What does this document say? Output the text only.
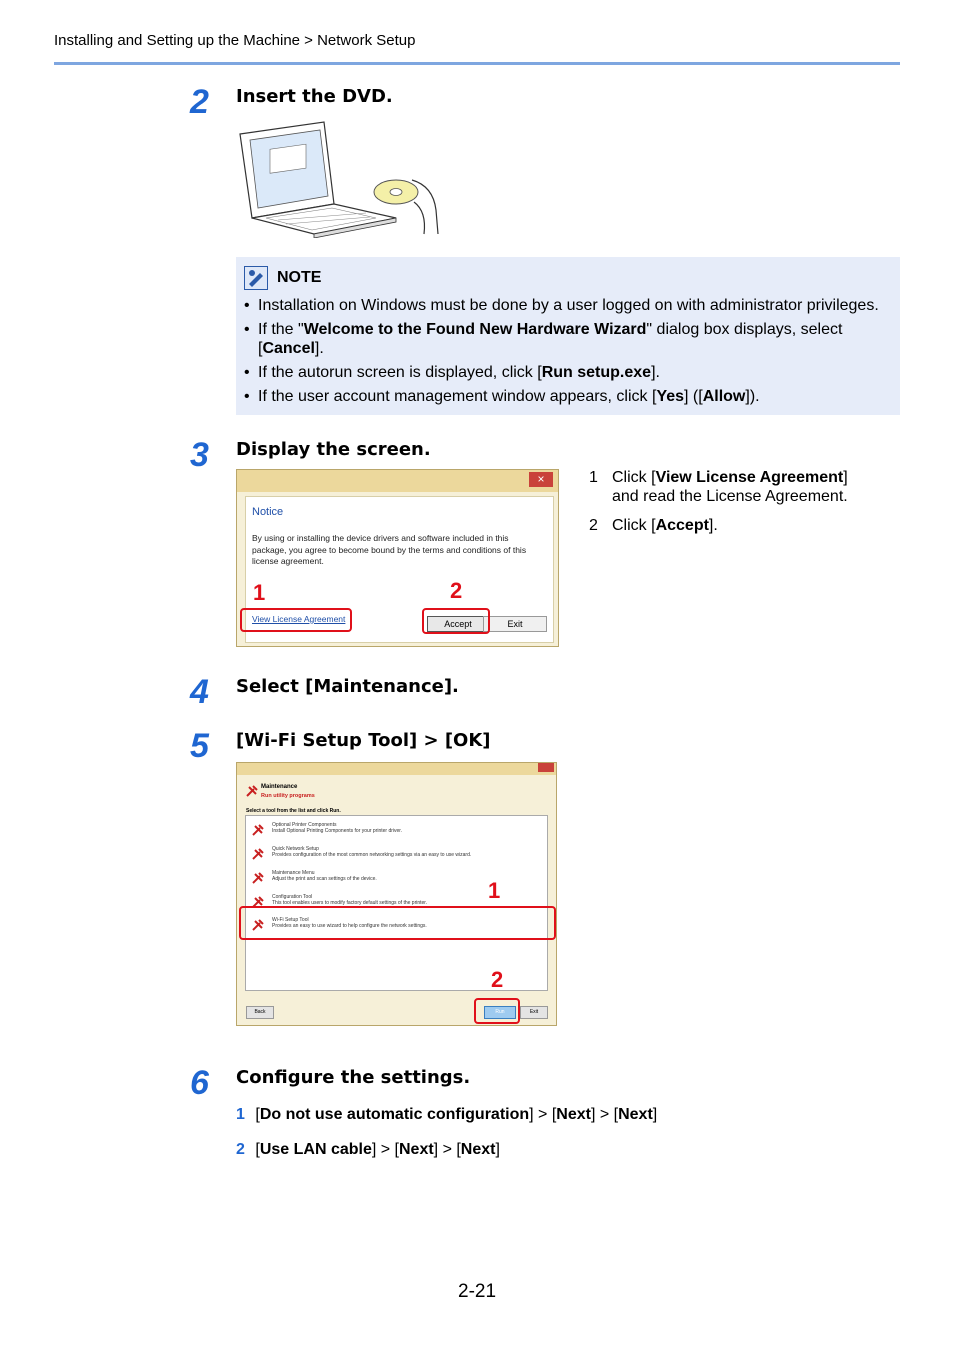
Installing and Setting up the Machine > Network Setup
2 Insert the DVD.
NOTE
• Installation on Windows must be done by a user logged on with administrator privileges.
• If the "Welcome to the Found New Hardware Wizard" dialog box displays, select
[Cancel].
• If the autorun screen is displayed, click [Run setup.exe].
• If the user account management window appears, click [Yes] ([Allow]).
3 Display the screen.
×
Notice
By using or installing the device drivers and software included in this package, you agree to become bound by the terms and conditions of this license agreement.
View License Agreement	Accept	Exit
1	2
1 Click [View License Agreement]
and read the License Agreement.
2 Click [Accept].
4 Select [Maintenance].
5 [Wi-Fi Setup Tool] > [OK]
Maintenance
Run utility programs
Select a tool from the list and click Run.
Optional Printer Components
Install Optional Printing Components for your printer driver.
Quick Network Setup
Provides configuration of the most common networking settings via an easy to use wizard.
Maintenance Menu
Adjust the print and scan settings of the device.
Configuration Tool
This tool enables users to modify factory default settings of the printer.
Wi-Fi Setup Tool
Provides an easy to use wizard to help configure the network settings.
Back	Run	Exit
1
2
6 Configure the settings.
1 [Do not use automatic configuration] > [Next] > [Next]
2 [Use LAN cable] > [Next] > [Next]
2-21
